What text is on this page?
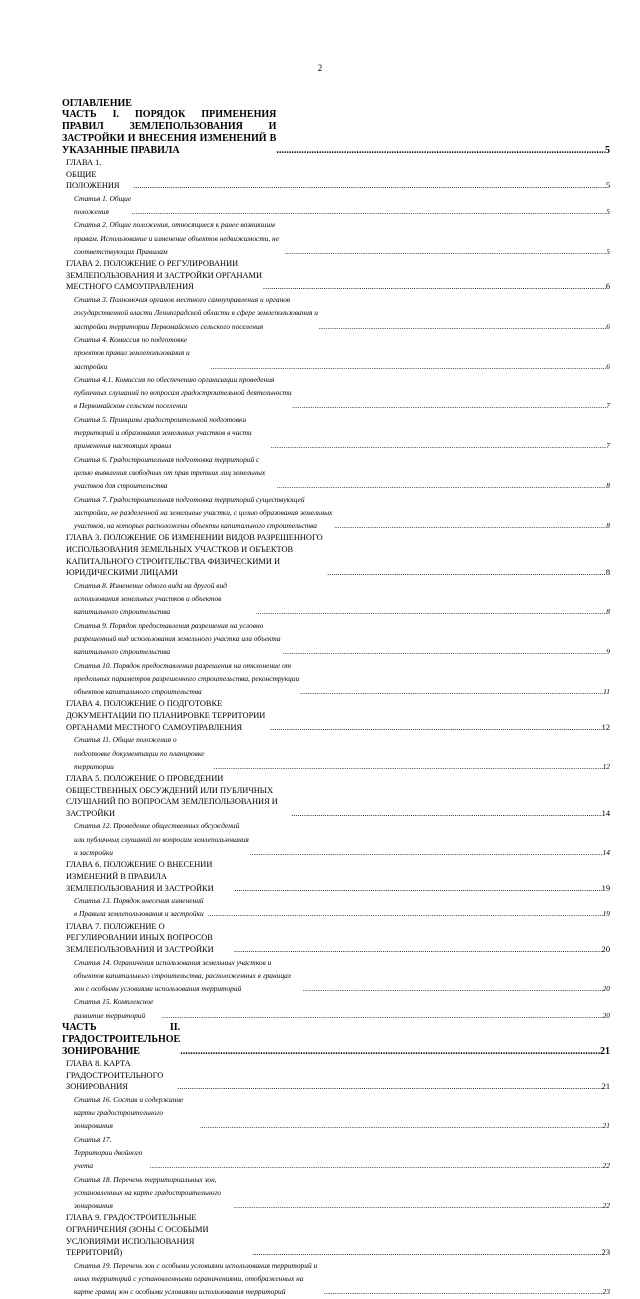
2
ОГЛАВЛЕНИЕ
ЧАСТЬ I. ПОРЯДОК ПРИМЕНЕНИЯ ПРАВИЛ ЗЕМЛЕПОЛЬЗОВАНИЯ И ЗАСТРОЙКИ И ВНЕСЕНИЯ ИЗМЕНЕНИЙ В УКАЗАННЫЕ ПРАВИЛА .....	5
ГЛАВА 1. ОБЩИЕ ПОЛОЖЕНИЯ .....	5
Статья 1. Общие положения .....	5
Статья 2. Общие положения, относящиеся к ранее возникшим правам. Использование и изменение объектов недвижимости, не соответствующих Правилам .....	5
ГЛАВА 2. ПОЛОЖЕНИЕ О РЕГУЛИРОВАНИИ ЗЕМЛЕПОЛЬЗОВАНИЯ И ЗАСТРОЙКИ ОРГАНАМИ МЕСТНОГО САМОУПРАВЛЕНИЯ .....	6
Статья 3. Полномочия органов местного самоуправления и органов государственной власти Ленинградской области в сфере землепользования и застройки территории Первомайского сельского поселения .....	6
Статья 4. Комиссия по подготовке проектов правил землепользования и застройки .....	6
Статья 4.1. Комиссия по обеспечению организации проведения публичных слушаний по вопросам градостроительной деятельности в Первомайском сельском поселении .....	7
Статья 5. Принципы градостроительной подготовки территорий и образования земельных участков в части применения настоящих правил .....	7
Статья 6. Градостроительная подготовка территорий с целью выявления свободных от прав третьих лиц земельных участков для строительства .....	8
Статья 7. Градостроительная подготовка территорий существующей застройки, не разделенной на земельные участки, с целью образования земельных участков, на которых расположены объекты капитального строительства .....	8
ГЛАВА 3. ПОЛОЖЕНИЕ ОБ ИЗМЕНЕНИИ ВИДОВ РАЗРЕШЕННОГО ИСПОЛЬЗОВАНИЯ ЗЕМЕЛЬНЫХ УЧАСТКОВ И ОБЪЕКТОВ КАПИТАЛЬНОГО СТРОИТЕЛЬСТВА ФИЗИЧЕСКИМИ И ЮРИДИЧЕСКИМИ ЛИЦАМИ .....	8
Статья 8. Изменение одного вида на другой вид использования земельных участков и объектов капитального строительства .....	8
Статья 9. Порядок предоставления разрешения на условно разрешенный вид использования земельного участка или объекта капитального строительства .....	9
Статья 10. Порядок предоставления разрешения на отклонение от предельных параметров разрешенного строительства, реконструкции объектов капитального строительства .....	11
ГЛАВА 4. ПОЛОЖЕНИЕ О ПОДГОТОВКЕ ДОКУМЕНТАЦИИ ПО ПЛАНИРОВКЕ ТЕРРИТОРИИ ОРГАНАМИ МЕСТНОГО САМОУПРАВЛЕНИЯ .....	12
Статья 11. Общие положения о подготовке документации по планировке территории .....	12
ГЛАВА 5. ПОЛОЖЕНИЕ О ПРОВЕДЕНИИ ОБЩЕСТВЕННЫХ ОБСУЖДЕНИЙ ИЛИ ПУБЛИЧНЫХ СЛУШАНИЙ ПО ВОПРОСАМ ЗЕМЛЕПОЛЬЗОВАНИЯ И ЗАСТРОЙКИ .....	14
Статья 12. Проведение общественных обсуждений или публичных слушаний по вопросам землепользования и застройки .....	14
ГЛАВА 6. ПОЛОЖЕНИЕ О ВНЕСЕНИИ ИЗМЕНЕНИЙ В ПРАВИЛА ЗЕМЛЕПОЛЬЗОВАНИЯ И ЗАСТРОЙКИ .....	19
Статья 13. Порядок внесения изменений в Правила землепользования и застройки .....	19
ГЛАВА 7. ПОЛОЖЕНИЕ О РЕГУЛИРОВАНИИ ИНЫХ ВОПРОСОВ ЗЕМЛЕПОЛЬЗОВАНИЯ И ЗАСТРОЙКИ .....	20
Статья 14. Ограничения использования земельных участков и объектов капитального строительства, расположенных в границах зон с особыми условиями использования территорий .....	20
Статья 15. Комплексное развитие территорий .....	20
ЧАСТЬ II. ГРАДОСТРОИТЕЛЬНОЕ ЗОНИРОВАНИЕ .....	21
ГЛАВА 8. КАРТА ГРАДОСТРОИТЕЛЬНОГО ЗОНИРОВАНИЯ .....	21
Статья 16. Состав и содержание карты градостроительного зонирования .....	21
Статья 17. Территории двойного учета .....	22
Статья 18. Перечень территориальных зон, установленных на карте градостроительного зонирования .....	22
ГЛАВА 9. ГРАДОСТРОИТЕЛЬНЫЕ ОГРАНИЧЕНИЯ (ЗОНЫ С ОСОБЫМИ УСЛОВИЯМИ ИСПОЛЬЗОВАНИЯ ТЕРРИТОРИЙ) .....	23
Статья 19. Перечень зон с особыми условиями использования территорий и иных территорий с установленными ограничениями, отображенных на карте границ зон с особыми условиями использования территорий .....	23
